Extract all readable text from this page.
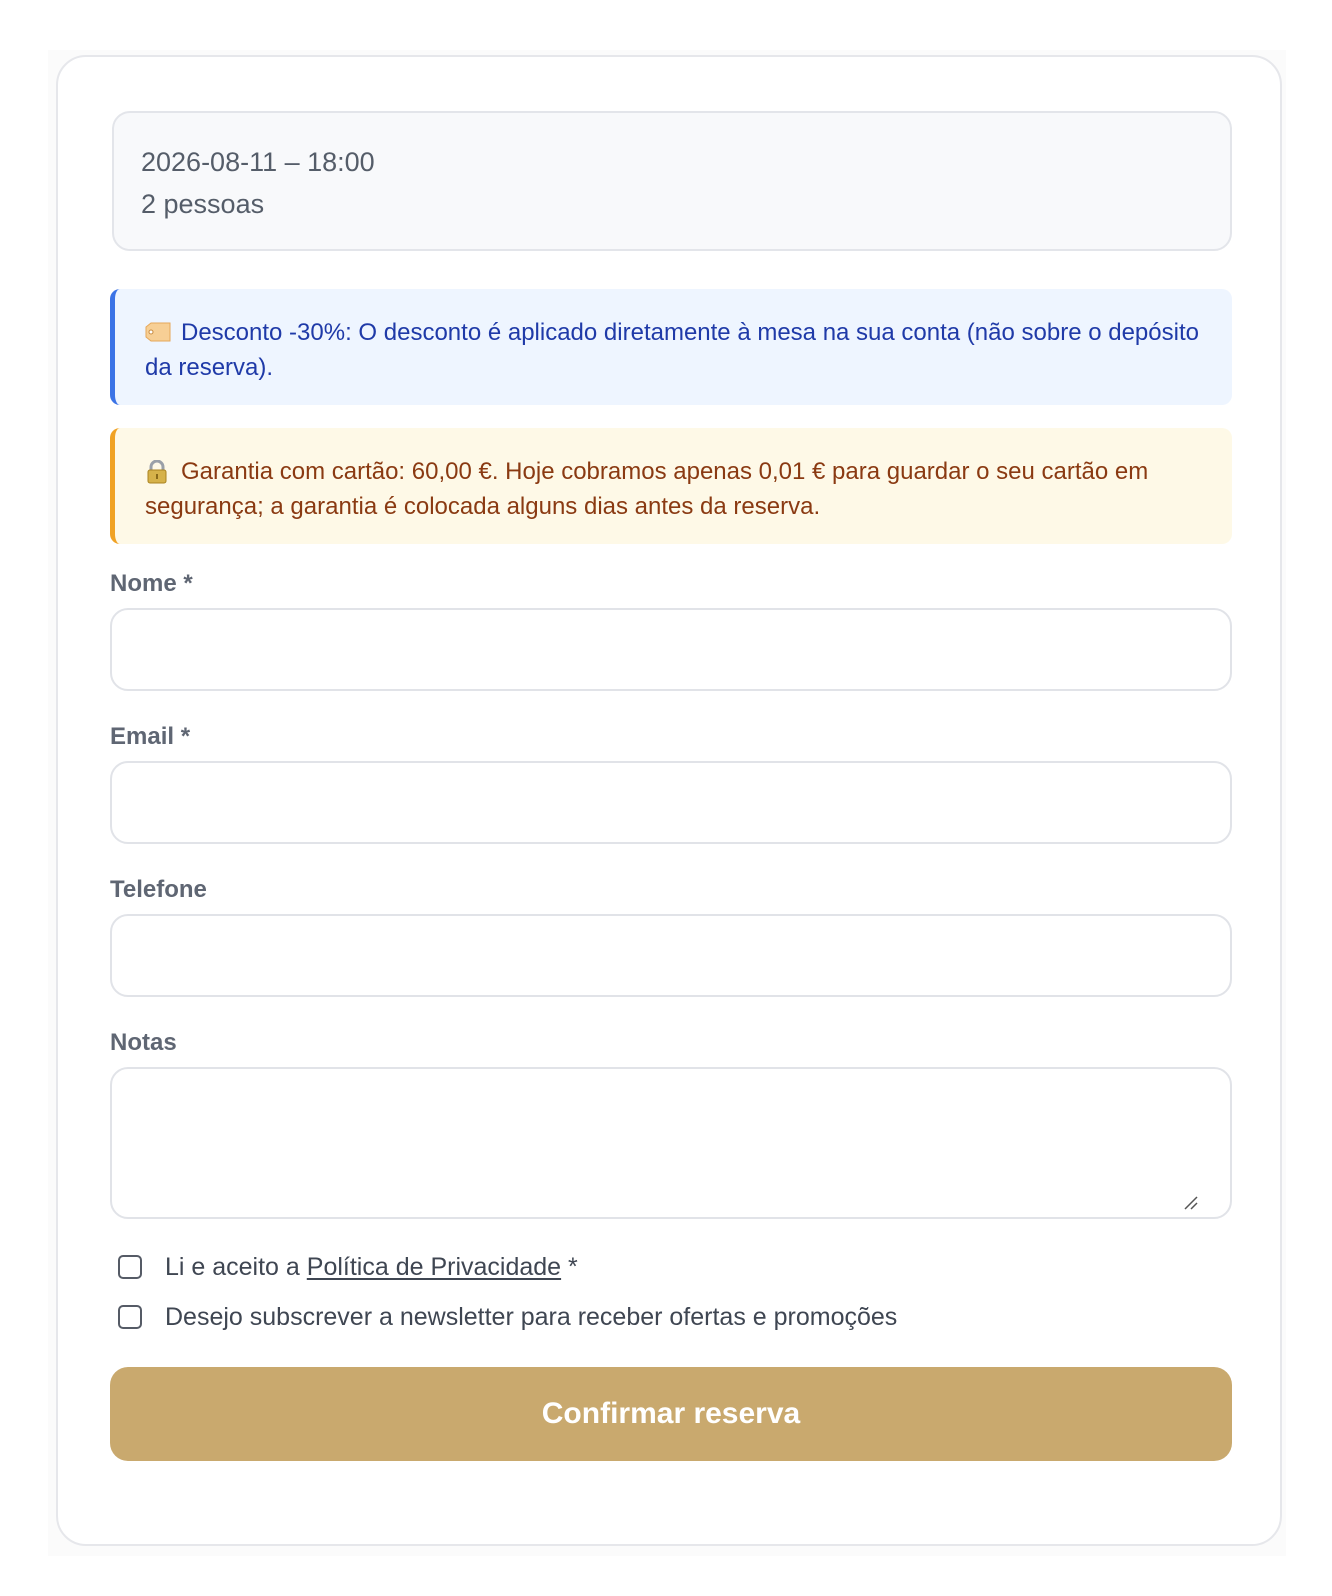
2026-08-11 – 18:00
2 pessoas
Desconto -30%: O desconto é aplicado diretamente à mesa na sua conta (não sobre o depósito da reserva).
Garantia com cartão: 60,00 €. Hoje cobramos apenas 0,01 € para guardar o seu cartão em segurança; a garantia é colocada alguns dias antes da reserva.
Nome *
Email *
Telefone
Notas
Li e aceito a
Política de Privacidade
*
Desejo subscrever a newsletter para receber ofertas e promoções
Confirmar reserva
